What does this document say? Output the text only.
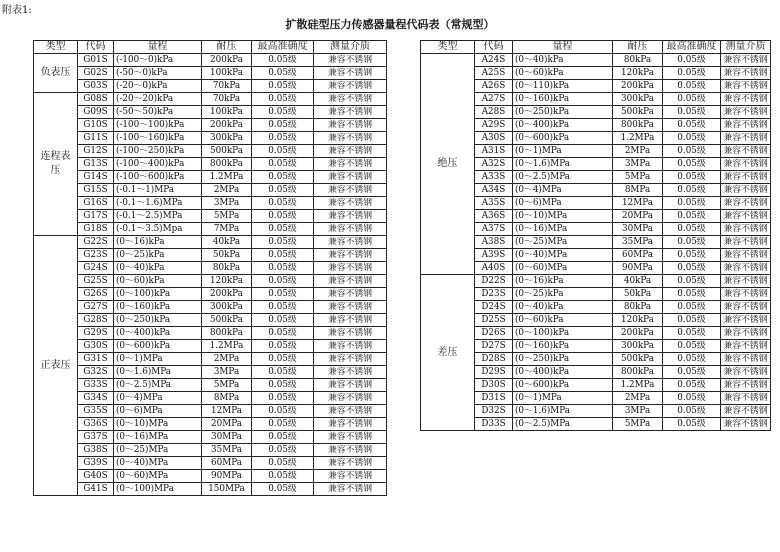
附表1:
扩散硅型压力传感器量程代码表（常规型）
类型	代码	量程	耐压	最高准确度	测量介质
负表压	G01S	(-100～0)kPa	200kPa	0.05级	兼容不锈钢
	G02S	(-50～0)kPa	100kPa	0.05级	兼容不锈钢
	G03S	(-20～0)kPa	70kPa	0.05级	兼容不锈钢
连程表压	G08S	(-20～20)kPa	70kPa	0.05级	兼容不锈钢
	G09S	(-50～50)kPa	100kPa	0.05级	兼容不锈钢
	G10S	(-100～100)kPa	200kPa	0.05级	兼容不锈钢
	G11S	(-100～160)kPa	300kPa	0.05级	兼容不锈钢
	G12S	(-100～250)kPa	500kPa	0.05级	兼容不锈钢
	G13S	(-100～400)kPa	800kPa	0.05级	兼容不锈钢
	G14S	(-100～600)kPa	1.2MPa	0.05级	兼容不锈钢
	G15S	(-0.1～1)MPa	2MPa	0.05级	兼容不锈钢
	G16S	(-0.1～1.6)MPa	3MPa	0.05级	兼容不锈钢
	G17S	(-0.1～2.5)MPa	5MPa	0.05级	兼容不锈钢
	G18S	(-0.1～3.5)Mpa	7MPa	0.05级	兼容不锈钢
正表压	G22S	(0～16)kPa	40kPa	0.05级	兼容不锈钢
	G23S	(0～25)kPa	50kPa	0.05级	兼容不锈钢
	G24S	(0～40)kPa	80kPa	0.05级	兼容不锈钢
	G25S	(0～60)kPa	120kPa	0.05级	兼容不锈钢
	G26S	(0～100)kPa	200kPa	0.05级	兼容不锈钢
	G27S	(0～160)kPa	300kPa	0.05级	兼容不锈钢
	G28S	(0～250)kPa	500kPa	0.05级	兼容不锈钢
	G29S	(0～400)kPa	800kPa	0.05级	兼容不锈钢
	G30S	(0～600)kPa	1.2MPa	0.05级	兼容不锈钢
	G31S	(0～1)MPa	2MPa	0.05级	兼容不锈钢
	G32S	(0～1.6)MPa	3MPa	0.05级	兼容不锈钢
	G33S	(0～2.5)MPa	5MPa	0.05级	兼容不锈钢
	G34S	(0～4)MPa	8MPa	0.05级	兼容不锈钢
	G35S	(0～6)MPa	12MPa	0.05级	兼容不锈钢
	G36S	(0～10)MPa	20MPa	0.05级	兼容不锈钢
	G37S	(0～16)MPa	30MPa	0.05级	兼容不锈钢
	G38S	(0～25)MPa	35MPa	0.05级	兼容不锈钢
	G39S	(0～40)MPa	60MPa	0.05级	兼容不锈钢
	G40S	(0～60)MPa	90MPa	0.05级	兼容不锈钢
	G41S	(0～100)MPa	150MPa	0.05级	兼容不锈钢
类型	代码	量程	耐压	最高准确度	测量介质
绝压	A24S	(0～40)kPa	80kPa	0.05级	兼容不锈钢
	A25S	(0～60)kPa	120kPa	0.05级	兼容不锈钢
	A26S	(0～110)kPa	200kPa	0.05级	兼容不锈钢
	A27S	(0～160)kPa	300kPa	0.05级	兼容不锈钢
	A28S	(0～250)kPa	500kPa	0.05级	兼容不锈钢
	A29S	(0～400)kPa	800kPa	0.05级	兼容不锈钢
	A30S	(0～600)kPa	1.2MPa	0.05级	兼容不锈钢
	A31S	(0～1)MPa	2MPa	0.05级	兼容不锈钢
	A32S	(0～1.6)MPa	3MPa	0.05级	兼容不锈钢
	A33S	(0～2.5)MPa	5MPa	0.05级	兼容不锈钢
	A34S	(0～4)MPa	8MPa	0.05级	兼容不锈钢
	A35S	(0～6)MPa	12MPa	0.05级	兼容不锈钢
	A36S	(0～10)MPa	20MPa	0.05级	兼容不锈钢
	A37S	(0～16)MPa	30MPa	0.05级	兼容不锈钢
	A38S	(0～25)MPa	35MPa	0.05级	兼容不锈钢
	A39S	(0～40)MPa	60MPa	0.05级	兼容不锈钢
	A40S	(0～60)MPa	90MPa	0.05级	兼容不锈钢
差压	D22S	(0～16)kPa	40kPa	0.05级	兼容不锈钢
	D23S	(0～25)kPa	50kPa	0.05级	兼容不锈钢
	D24S	(0～40)kPa	80kPa	0.05级	兼容不锈钢
	D25S	(0～60)kPa	120kPa	0.05级	兼容不锈钢
	D26S	(0～100)kPa	200kPa	0.05级	兼容不锈钢
	D27S	(0～160)kPa	300kPa	0.05级	兼容不锈钢
	D28S	(0～250)kPa	500kPa	0.05级	兼容不锈钢
	D29S	(0～400)kPa	800kPa	0.05级	兼容不锈钢
	D30S	(0～600)kPa	1.2MPa	0.05级	兼容不锈钢
	D31S	(0～1)MPa	2MPa	0.05级	兼容不锈钢
	D32S	(0～1.6)MPa	3MPa	0.05级	兼容不锈钢
	D33S	(0～2.5)MPa	5MPa	0.05级	兼容不锈钢
